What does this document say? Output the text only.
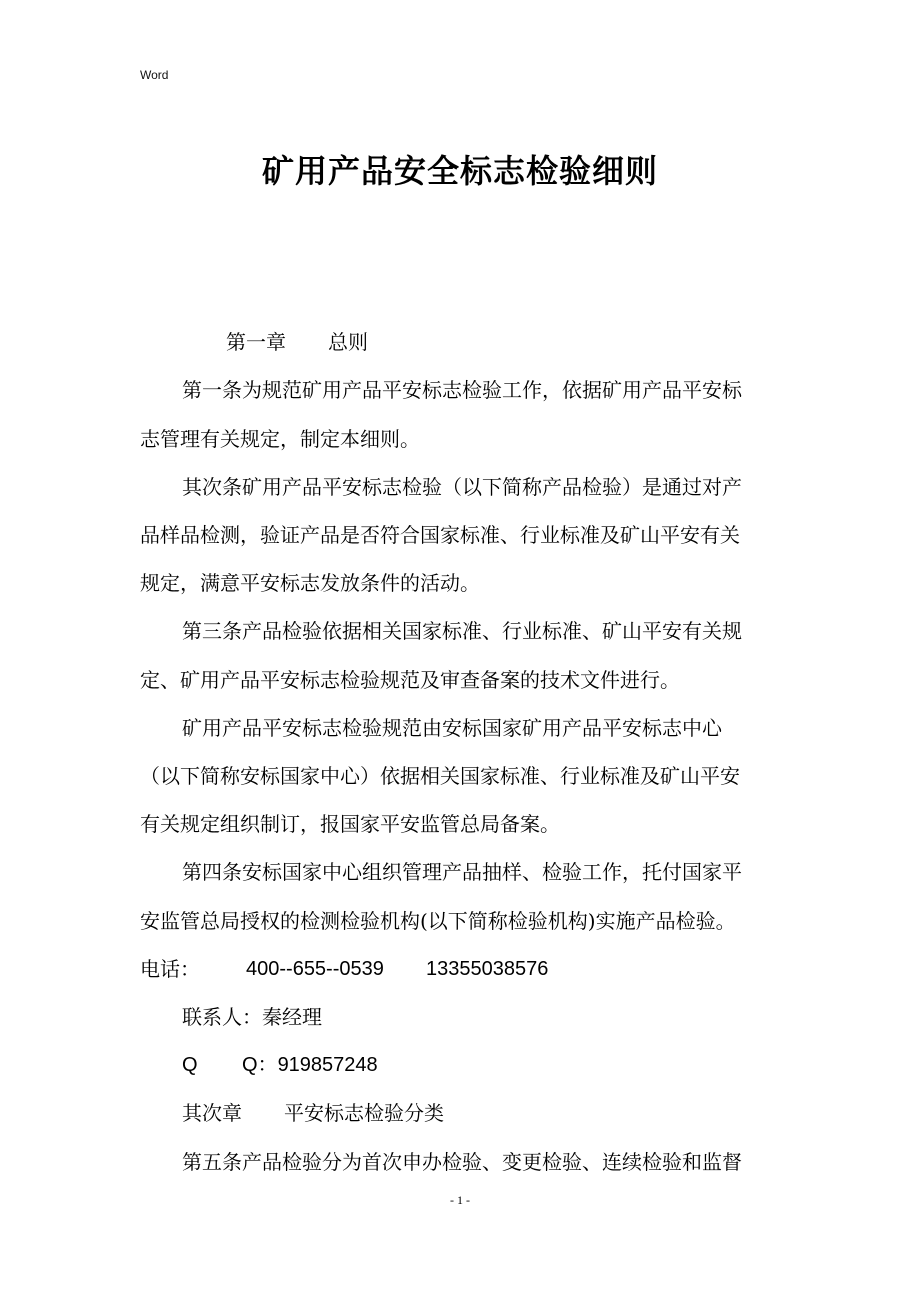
Word
矿用产品安全标志检验细则
第一章 总则
第一条为规范矿用产品平安标志检验工作，依据矿用产品平安标
志管理有关规定，制定本细则。
其次条矿用产品平安标志检验（以下简称产品检验）是通过对产
品样品检测，验证产品是否符合国家标准、行业标准及矿山平安有关
规定，满意平安标志发放条件的活动。
第三条产品检验依据相关国家标准、行业标准、矿山平安有关规
定、矿用产品平安标志检验规范及审查备案的技术文件进行。
矿用产品平安标志检验规范由安标国家矿用产品平安标志中心
（以下简称安标国家中心）依据相关国家标准、行业标准及矿山平安
有关规定组织制订，报国家平安监管总局备案。
第四条安标国家中心组织管理产品抽样、检验工作，托付国家平
安监管总局授权的检测检验机构(以下简称检验机构)实施产品检验。
电话： 400--655--0539 13355038576
联系人：秦经理
Q Q：919857248
其次章 平安标志检验分类
第五条产品检验分为首次申办检验、变更检验、连续检验和监督
- 1 -
